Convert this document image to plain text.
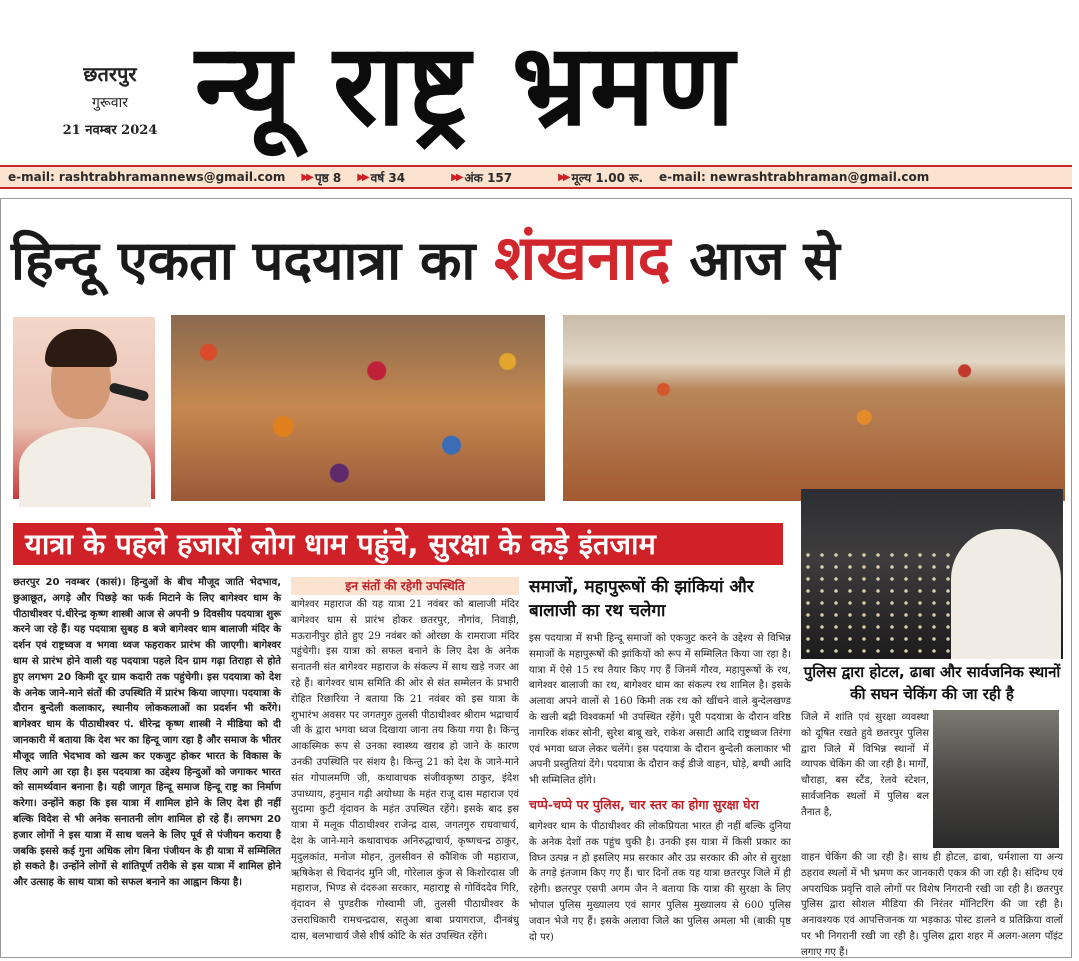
छतरपुर
गुरूवार
21 नवम्बर 2024 न्यू राष्ट्र भ्रमण
e-mail: rashtrabhramannews@gmail.com	▶▶ पृष्ठ 8 ▶▶ वर्ष 34	▶▶ अंक 157	▶▶ मूल्य 1.00 रू.	e-mail: newrashtrabhraman@gmail.com
हिन्दू एकता पदयात्रा का शंखनाद आज से
यात्रा के पहले हजारों लोग धाम पहुंचे, सुरक्षा के कड़े इंतजाम
पुलिस द्वारा होटल, ढाबा और सार्वजनिक स्थानों की सघन चेकिंग की जा रही है
छतरपुर 20 नवम्बर (कासं)। हिन्दुओं के बीच मौजूद जाति भेदभाव, छुआछूत, अगड़े और पिछड़े का फर्क मिटाने के लिए बागेश्वर धाम के पीठाधीश्वर पं.धीरेन्द्र कृष्ण शास्त्री आज से अपनी 9 दिवसीय पदयात्रा शुरू करने जा रहे हैं। यह पदयात्रा सुबह 8 बजे बागेश्वर धाम बालाजी मंदिर के दर्शन एवं राष्ट्रध्वज व भगवा ध्वज फहराकर प्रारंभ की जाएगी। बागेश्वर धाम से प्रारंभ होने वाली यह पदयात्रा पहले दिन ग्राम गढ़ा तिराहा से होते हुए लगभग 20 किमी दूर ग्राम कदारी तक पहुंचेगी। इस पदयात्रा को देश के अनेक जाने-माने संतों की उपस्थिति में प्रारंभ किया जाएगा। पदयात्रा के दौरान बुन्देली कलाकार, स्थानीय लोककलाओं का प्रदर्शन भी करेंगे। बागेश्वर धाम के पीठाधीश्वर पं. धीरेन्द्र कृष्ण शास्त्री ने मीडिया को दी जानकारी में बताया कि देश भर का हिन्दू जाग रहा है और समाज के भीतर मौजूद जाति भेदभाव को खत्म कर एकजुट होकर भारत के विकास के लिए आगे आ रहा है। इस पदयात्रा का उद्देश्य हिन्दुओं को जगाकर भारत को सामर्थ्यवान बनाना है। यही जागृत हिन्दू समाज हिन्दू राष्ट्र का निर्माण करेगा। उन्होंने कहा कि इस यात्रा में शामिल होने के लिए देश ही नहीं बल्कि विदेश से भी अनेक सनातनी लोग शामिल हो रहे हैं। लगभग 20 हजार लोगों ने इस यात्रा में साथ चलने के लिए पूर्व से पंजीयन कराया है जबकि इससे कई गुना अधिक लोग बिना पंजीयन के ही यात्रा में सम्मिलित हो सकते है। उन्होंने लोगों से शांतिपूर्ण तरीके से इस यात्रा में शामिल होने और उत्साह के साथ यात्रा को सफल बनाने का आह्वान किया है।
इन संतों की रहेगी उपस्थिति
बागेश्वर महाराज की यह यात्रा 21 नवंबर को बालाजी मंदिर बागेश्वर धाम से प्रारंभ होकर छतरपुर, नौगांव, निवाड़ी, मऊरानीपुर होते हुए 29 नवंबर को ओरछा के रामराजा मंदिर पहुंचेगी। इस यात्रा को सफल बनाने के लिए देश के अनेक सनातनी संत बागेश्वर महाराज के संकल्प में साथ खड़े नजर आ रहे हैं। बागेश्वर धाम समिति की ओर से संत सम्मेलन के प्रभारी रोहित रिछारिया ने बताया कि 21 नवंबर को इस यात्रा के शुभारंभ अवसर पर जगतगुरु तुलसी पीठाधीश्वर श्रीराम भद्राचार्य जी के द्वारा भगवा ध्वज दिखाया जाना तय किया गया है। किन्तु आकस्मिक रूप से उनका स्वास्थ्य खराब हो जाने के कारण उनकी उपस्थिति पर संशय है। किन्तु 21 को देश के जाने-माने संत गोपालमणि जी, कथावाचक संजीवकृष्ण ठाकुर, इंदेश उपाध्याय, हनुमान गढ़ी अयोध्या के महंत राजू दास महाराज एवं सुदामा कुटी वृंदावन के महंत उपस्थित रहेंगे। इसके बाद इस यात्रा में मलूक पीठाधीश्वर राजेन्द्र दास, जगतगुरु राघवाचार्य, देश के जाने-माने कथावाचक अनिरुद्धाचार्य, कृष्णचन्द्र ठाकुर, मृदुलकांत, मनोज मोहन, तुलसीवन से कौशिक जी महाराज, ऋषिकेश से चिदानंद मुनि जी, गोरेलाल कुंज से किशोरदास जी महाराज, भिण्ड से दंदरुआ सरकार, महाराष्ट्र से गोविंददेव गिरि, वृंदावन से पुण्डरीक गोस्वामी जी, तुलसी पीठाधीश्वर के उत्तराधिकारी रामचन्द्रदास, सतुआ बाबा प्रयागराज, दीनबंधु दास, बलभाचार्य जैसे शीर्ष कोटि के संत उपस्थित रहेंगे।
समाजों, महापुरूषों की झांकियां और बालाजी का रथ चलेगा
इस पदयात्रा में सभी हिन्दू समाजों को एकजुट करने के उद्देश्य से विभिन्न समाजों के महापुरूषों की झांकियों को रूप में सम्मिलित किया जा रहा है। यात्रा में ऐसे 15 रथ तैयार किए गए हैं जिनमें गौरव, महापुरूषों के रथ, बागेश्वर बालाजी का रथ, बागेश्वर धाम का संकल्प रथ शामिल है। इसके अलावा अपने वालों से 160 किमी तक रथ को खींचने वाले बुन्देलखण्ड के खली बद्री विश्वकर्मा भी उपस्थित रहेंगे। पूरी पदयात्रा के दौरान वरिष्ठ नागरिक शंकर सोनी, सुरेश बाबू खरे, राकेश असाटी आदि राष्ट्रध्वज तिरंगा एवं भगवा ध्वज लेकर चलेंगे। इस पदयात्रा के दौरान बुन्देली कलाकार भी अपनी प्रस्तुतियां देंगे। पदयात्रा के दौरान कई डीजे वाहन, घोड़े, बग्घी आदि भी सम्मिलित होंगे।
चप्पे-चप्पे पर पुलिस, चार स्तर का होगा सुरक्षा घेरा
बागेश्वर धाम के पीठाधीश्वर की लोकप्रियता भारत ही नहीं बल्कि दुनिया के अनेक देशों तक पहुंच चुकी है। उनकी इस यात्रा में किसी प्रकार का विघ्न उत्पन्न न हो इसलिए मप्र सरकार और उप्र सरकार की ओर से सुरक्षा के तगड़े इंतजाम किए गए हैं। चार दिनों तक यह यात्रा छतरपुर जिले में ही रहेगी। छतरपुर एसपी अगम जैन ने बताया कि यात्रा की सुरक्षा के लिए भोपाल पुलिस मुख्यालय एवं सागर पुलिस मुख्यालय से 600 पुलिस जवान भेजे गए हैं। इसके अलावा जिले का पुलिस अमला भी (बाकी पृष्ठ दो पर)
जिले में शांति एवं सुरक्षा व्यवस्था को दूषित रखते हुवे छतरपुर पुलिस द्वारा जिले में विभिन्न स्थानों में व्यापक चेकिंग की जा रही है। मार्गों, चौराहा, बस स्टैंड, रेलवे स्टेशन, सार्वजनिक स्थलों में पुलिस बल तैनात है,
वाहन चेकिंग की जा रही है। साथ ही होटल, ढाबा, धर्मशाला या अन्य ठहराव स्थलों में भी भ्रमण कर जानकारी एकत्र की जा रही है। संदिग्ध एवं अपराधिक प्रवृत्ति वाले लोगों पर विशेष निगरानी रखी जा रही है। छतरपुर पुलिस द्वारा सोशल मीडिया की निरंतर मॉनिटरिंग की जा रही है। अनावश्यक एवं आपत्तिजनक या भड़काऊ पोस्ट डालने व प्रतिक्रिया वालों पर भी निगरानी रखी जा रही है। पुलिस द्वारा शहर में अलग-अलग पॉइंट लगाए गए हैं।
